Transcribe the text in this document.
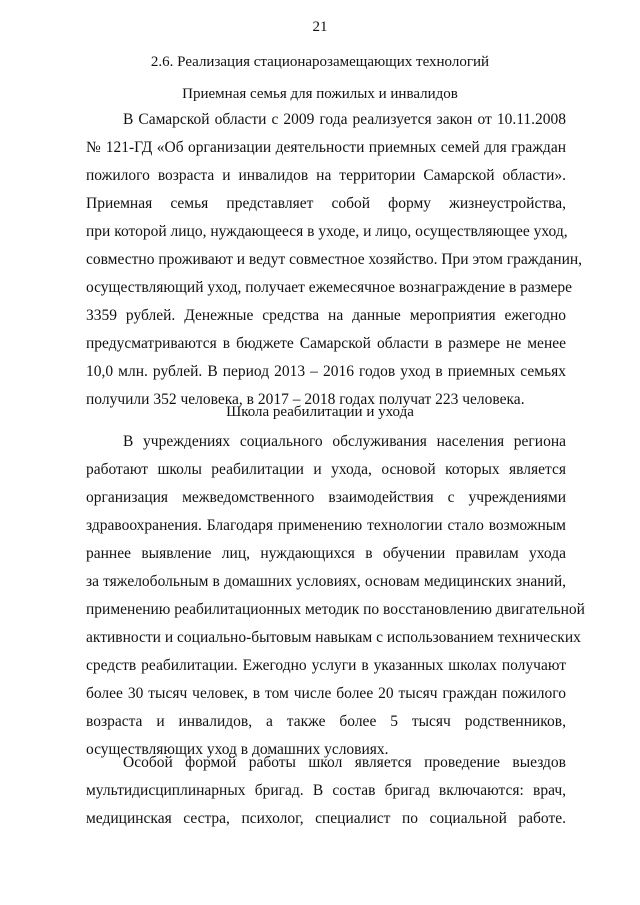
21
2.6. Реализация стационарозамещающих технологий
Приемная семья для пожилых и инвалидов
В Самарской области с 2009 года реализуется закон от 10.11.2008
№ 121-ГД «Об организации деятельности приемных семей для граждан
пожилого возраста и инвалидов на территории Самарской области».
Приемная семья представляет собой форму жизнеустройства,
при которой лицо, нуждающееся в уходе, и лицо, осуществляющее уход,
совместно проживают и ведут совместное хозяйство. При этом гражданин,
осуществляющий уход, получает ежемесячное вознаграждение в размере
3359 рублей. Денежные средства на данные мероприятия ежегодно
предусматриваются в бюджете Самарской области в размере не менее
10,0 млн. рублей. В период 2013 – 2016 годов уход в приемных семьях
получили 352 человека, в 2017 – 2018 годах получат 223 человека.
Школа реабилитации и ухода
В учреждениях социального обслуживания населения региона
работают школы реабилитации и ухода, основой которых является
организация межведомственного взаимодействия с учреждениями
здравоохранения. Благодаря применению технологии стало возможным
раннее выявление лиц, нуждающихся в обучении правилам ухода
за тяжелобольным в домашних условиях, основам медицинских знаний,
применению реабилитационных методик по восстановлению двигательной
активности и социально-бытовым навыкам с использованием технических
средств реабилитации. Ежегодно услуги в указанных школах получают
более 30 тысяч человек, в том числе более 20 тысяч граждан пожилого
возраста и инвалидов, а также более 5 тысяч родственников,
осуществляющих уход в домашних условиях.
Особой формой работы школ является проведение выездов
мультидисциплинарных бригад. В состав бригад включаются: врач,
медицинская сестра, психолог, специалист по социальной работе.
